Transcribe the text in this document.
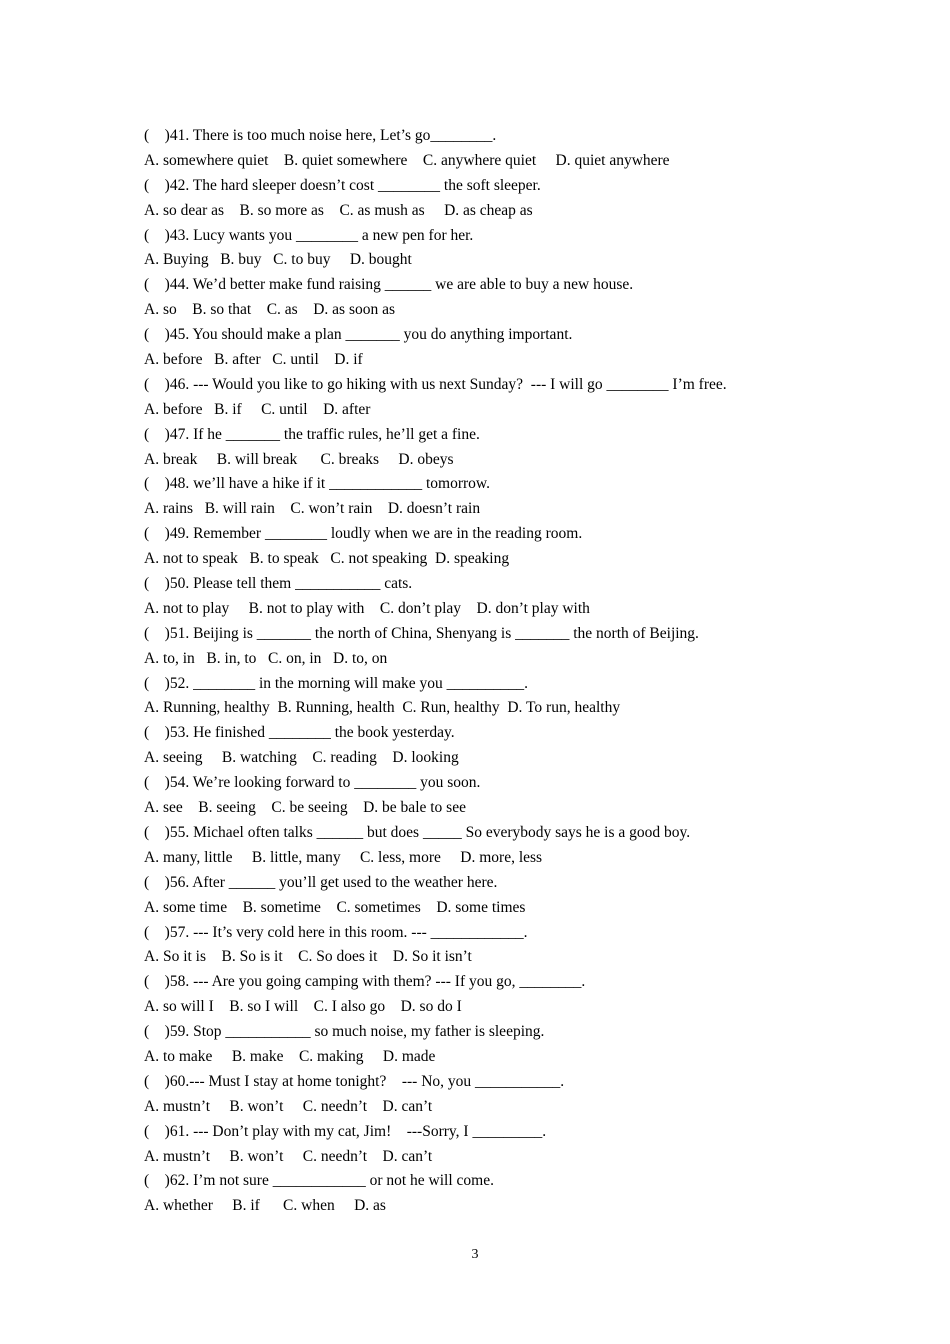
(    )41. There is too much noise here, Let’s go________.
A. somewhere quiet    B. quiet somewhere    C. anywhere quiet     D. quiet anywhere
(    )42. The hard sleeper doesn’t cost ________ the soft sleeper.
A. so dear as    B. so more as    C. as mush as     D. as cheap as
(    )43. Lucy wants you ________ a new pen for her.
A. Buying   B. buy   C. to buy     D. bought
(    )44. We’d better make fund raising ______ we are able to buy a new house.
A. so    B. so that    C. as    D. as soon as
(    )45. You should make a plan _______ you do anything important.
A. before   B. after   C. until    D. if
(    )46. --- Would you like to go hiking with us next Sunday?  --- I will go ________ I’m free.
A. before   B. if     C. until    D. after
(    )47. If he _______ the traffic rules, he’ll get a fine.
A. break     B. will break      C. breaks     D. obeys
(    )48. we’ll have a hike if it ____________ tomorrow.
A. rains   B. will rain    C. won’t rain    D. doesn’t rain
(    )49. Remember ________ loudly when we are in the reading room.
A. not to speak   B. to speak   C. not speaking  D. speaking
(    )50. Please tell them ___________ cats.
A. not to play     B. not to play with    C. don’t play    D. don’t play with
(    )51. Beijing is _______ the north of China, Shenyang is _______ the north of Beijing.
A. to, in   B. in, to   C. on, in   D. to, on
(    )52. ________ in the morning will make you __________.
A. Running, healthy  B. Running, health  C. Run, healthy  D. To run, healthy
(    )53. He finished ________ the book yesterday.
A. seeing     B. watching    C. reading    D. looking
(    )54. We’re looking forward to ________ you soon.
A. see    B. seeing    C. be seeing    D. be bale to see
(    )55. Michael often talks ______ but does _____ So everybody says he is a good boy.
A. many, little     B. little, many     C. less, more     D. more, less
(    )56. After ______ you’ll get used to the weather here.
A. some time    B. sometime    C. sometimes    D. some times
(    )57. --- It’s very cold here in this room. --- ____________.
A. So it is    B. So is it    C. So does it    D. So it isn’t
(    )58. --- Are you going camping with them? --- If you go, ________.
A. so will I    B. so I will    C. I also go    D. so do I
(    )59. Stop ___________ so much noise, my father is sleeping.
A. to make     B. make    C. making     D. made
(    )60.--- Must I stay at home tonight?    --- No, you ___________.
A. mustn’t     B. won’t     C. needn’t    D. can’t
(    )61. --- Don’t play with my cat, Jim!    ---Sorry, I _________.
A. mustn’t     B. won’t     C. needn’t    D. can’t
(    )62. I’m not sure ____________ or not he will come.
A. whether     B. if      C. when     D. as
3
